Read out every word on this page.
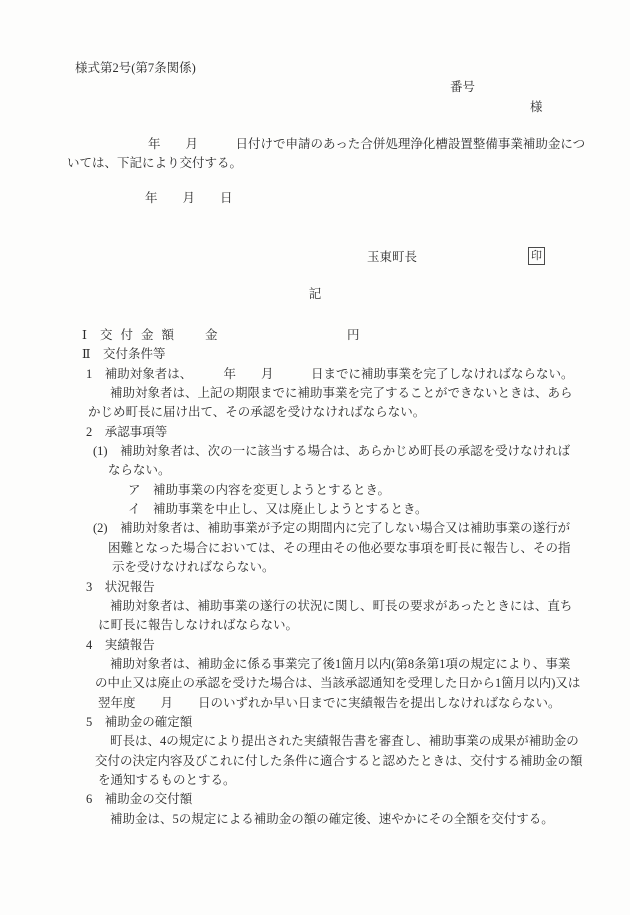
様式第2号(第7条関係)
番号
様
年　　月　　　日付けで申請のあった合併処理浄化槽設置整備事業補助金につ
いては、下記により交付する。
年　　月　　日

玉東町長

	印

記

Ⅰ

交付金額

金

	円

Ⅱ　交付条件等
1　補助対象者は、　　　年　　月　　　日までに補助事業を完了しなければならない。
補助対象者は、上記の期限までに補助事業を完了することができないときは、あら
かじめ町長に届け出て、その承認を受けなければならない。
2　承認事項等
(1)　補助対象者は、次の一に該当する場合は、あらかじめ町長の承認を受けなければ
ならない。
ア　補助事業の内容を変更しようとするとき。
イ　補助事業を中止し、又は廃止しようとするとき。
(2)　補助対象者は、補助事業が予定の期間内に完了しない場合又は補助事業の遂行が
困難となった場合においては、その理由その他必要な事項を町長に報告し、その指
示を受けなければならない。
3　状況報告
補助対象者は、補助事業の遂行の状況に関し、町長の要求があったときには、直ち
に町長に報告しなければならない。
4　実績報告
補助対象者は、補助金に係る事業完了後1箇月以内(第8条第1項の規定により、事業
の中止又は廃止の承認を受けた場合は、当該承認通知を受理した日から1箇月以内)又は
翌年度　　月　　日のいずれか早い日までに実績報告を提出しなければならない。
5　補助金の確定額
町長は、4の規定により提出された実績報告書を審査し、補助事業の成果が補助金の
交付の決定内容及びこれに付した条件に適合すると認めたときは、交付する補助金の額
を通知するものとする。
6　補助金の交付額
補助金は、5の規定による補助金の額の確定後、速やかにその全額を交付する。
